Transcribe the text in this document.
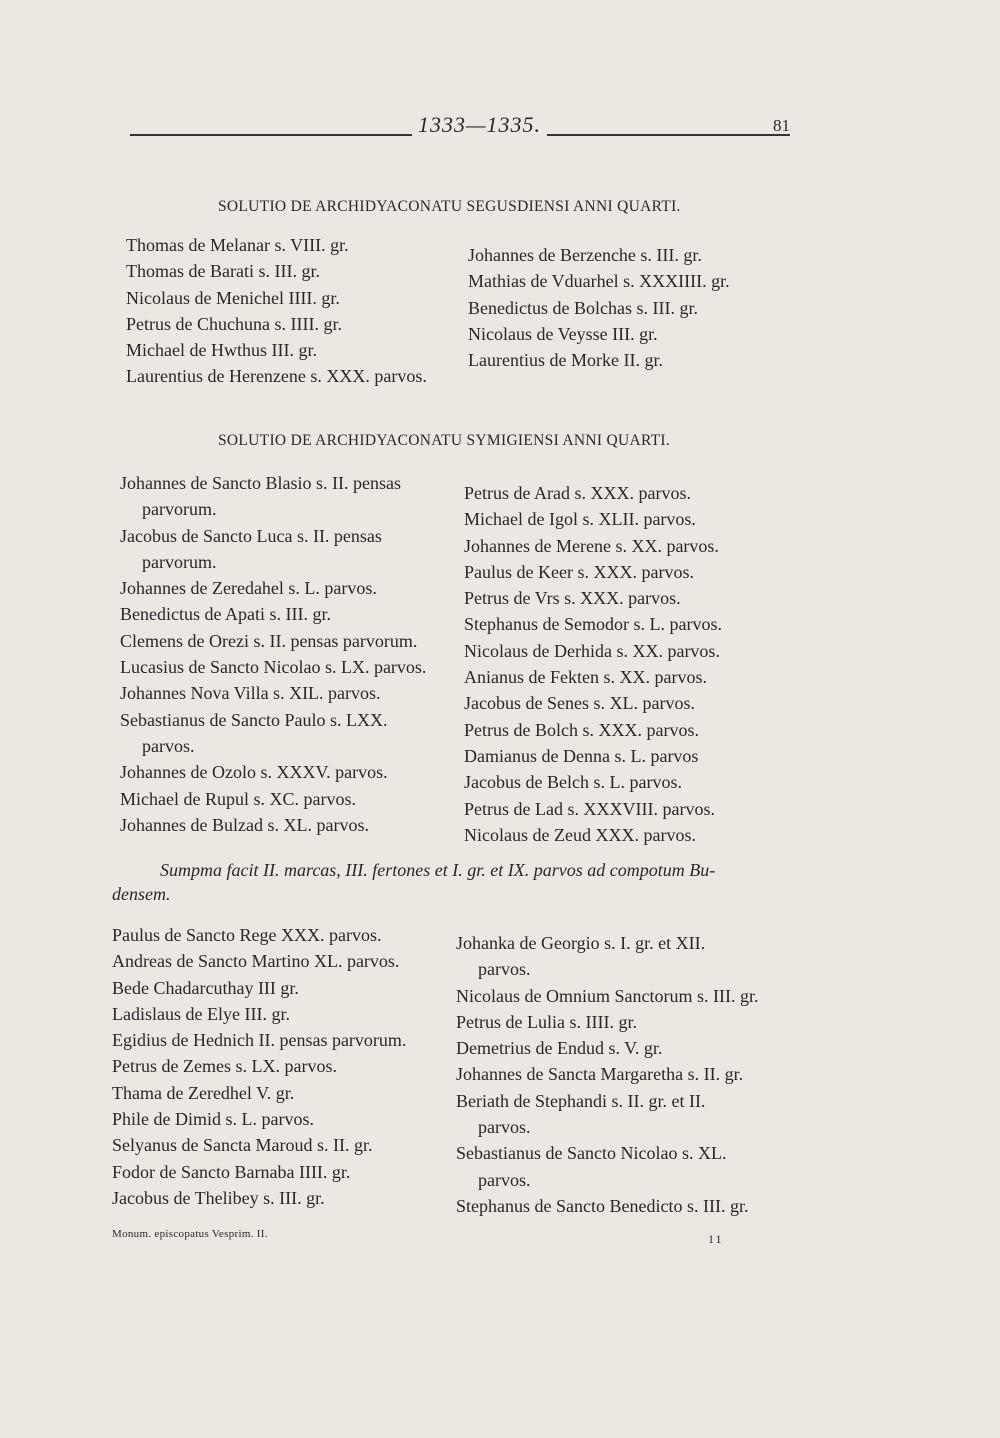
1333—1335.	81
SOLUTIO DE ARCHIDYACONATU SEGUSDIENSI ANNI QUARTI.
Thomas de Melanar s. VIII. gr.
Thomas de Barati s. III. gr.
Nicolaus de Menichel IIII. gr.
Petrus de Chuchuna s. IIII. gr.
Michael de Hwthus III. gr.
Laurentius de Herenzene s. XXX. parvos.
Johannes de Berzenche s. III. gr.
Mathias de Vduarhel s. XXXIIII. gr.
Benedictus de Bolchas s. III. gr.
Nicolaus de Veysse III. gr.
Laurentius de Morke II. gr.
SOLUTIO DE ARCHIDYACONATU SYMIGIENSI ANNI QUARTI.
Johannes de Sancto Blasio s. II. pensas
parvorum.
Jacobus de Sancto Luca s. II. pensas
parvorum.
Johannes de Zeredahel s. L. parvos.
Benedictus de Apati s. III. gr.
Clemens de Orezi s. II. pensas parvorum.
Lucasius de Sancto Nicolao s. LX. parvos.
Johannes Nova Villa s. XIL. parvos.
Sebastianus de Sancto Paulo s. LXX.
parvos.
Johannes de Ozolo s. XXXV. parvos.
Michael de Rupul s. XC. parvos.
Johannes de Bulzad s. XL. parvos.
Petrus de Arad s. XXX. parvos.
Michael de Igol s. XLII. parvos.
Johannes de Merene s. XX. parvos.
Paulus de Keer s. XXX. parvos.
Petrus de Vrs s. XXX. parvos.
Stephanus de Semodor s. L. parvos.
Nicolaus de Derhida s. XX. parvos.
Anianus de Fekten s. XX. parvos.
Jacobus de Senes s. XL. parvos.
Petrus de Bolch s. XXX. parvos.
Damianus de Denna s. L. parvos
Jacobus de Belch s. L. parvos.
Petrus de Lad s. XXXVIII. parvos.
Nicolaus de Zeud XXX. parvos.
Sumpma facit II. marcas, III. fertones et I. gr. et IX. parvos ad compotum Bu-
densem.
Paulus de Sancto Rege XXX. parvos.
Andreas de Sancto Martino XL. parvos.
Bede Chadarcuthay III gr.
Ladislaus de Elye III. gr.
Egidius de Hednich II. pensas parvorum.
Petrus de Zemes s. LX. parvos.
Thama de Zeredhel V. gr.
Phile de Dimid s. L. parvos.
Selyanus de Sancta Maroud s. II. gr.
Fodor de Sancto Barnaba IIII. gr.
Jacobus de Thelibey s. III. gr.
Johanka de Georgio s. I. gr. et XII.
parvos.
Nicolaus de Omnium Sanctorum s. III. gr.
Petrus de Lulia s. IIII. gr.
Demetrius de Endud s. V. gr.
Johannes de Sancta Margaretha s. II. gr.
Beriath de Stephandi s. II. gr. et II.
parvos.
Sebastianus de Sancto Nicolao s. XL.
parvos.
Stephanus de Sancto Benedicto s. III. gr.
Monum. episcopatus Vesprim. II.	11
